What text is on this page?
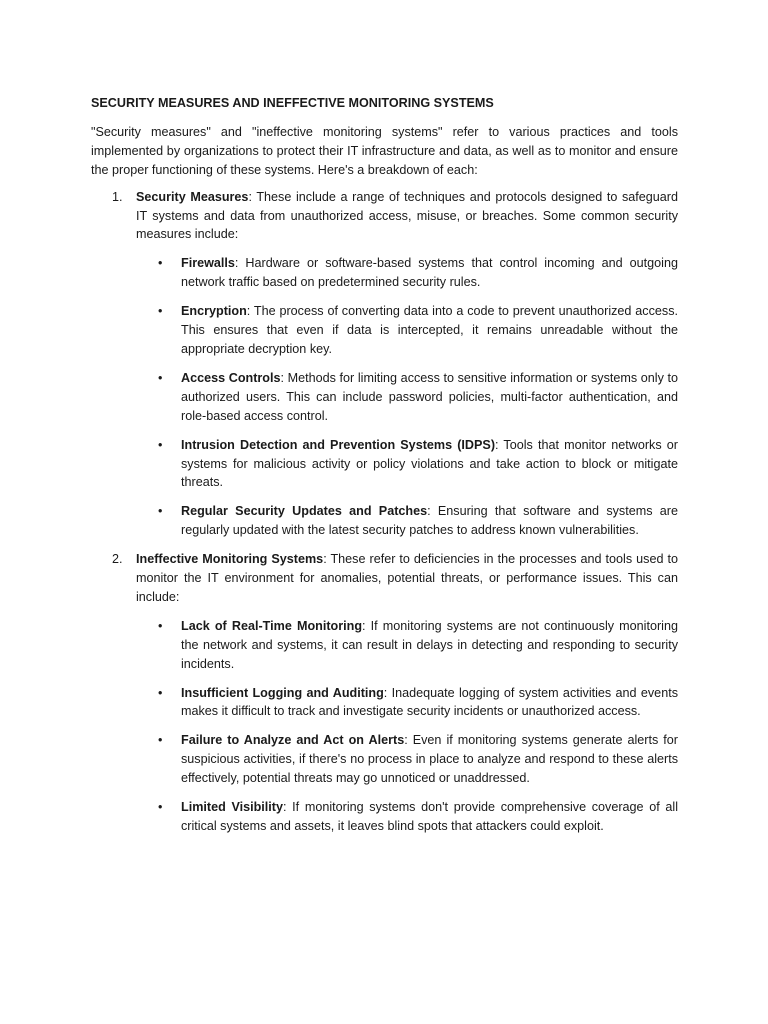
SECURITY MEASURES AND INEFFECTIVE MONITORING SYSTEMS

"Security measures" and "ineffective monitoring systems" refer to various practices and tools implemented by organizations to protect their IT infrastructure and data, as well as to monitor and ensure the proper functioning of these systems. Here's a breakdown of each:

1. Security Measures: These include a range of techniques and protocols designed to safeguard IT systems and data from unauthorized access, misuse, or breaches. Some common security measures include:

• Firewalls: Hardware or software-based systems that control incoming and outgoing network traffic based on predetermined security rules.
• Encryption: The process of converting data into a code to prevent unauthorized access. This ensures that even if data is intercepted, it remains unreadable without the appropriate decryption key.
• Access Controls: Methods for limiting access to sensitive information or systems only to authorized users. This can include password policies, multi-factor authentication, and role-based access control.
• Intrusion Detection and Prevention Systems (IDPS): Tools that monitor networks or systems for malicious activity or policy violations and take action to block or mitigate threats.
• Regular Security Updates and Patches: Ensuring that software and systems are regularly updated with the latest security patches to address known vulnerabilities.
2. Ineffective Monitoring Systems: These refer to deficiencies in the processes and tools used to monitor the IT environment for anomalies, potential threats, or performance issues. This can include:

• Lack of Real-Time Monitoring: If monitoring systems are not continuously monitoring the network and systems, it can result in delays in detecting and responding to security incidents.
• Insufficient Logging and Auditing: Inadequate logging of system activities and events makes it difficult to track and investigate security incidents or unauthorized access.
• Failure to Analyze and Act on Alerts: Even if monitoring systems generate alerts for suspicious activities, if there's no process in place to analyze and respond to these alerts effectively, potential threats may go unnoticed or unaddressed.
• Limited Visibility: If monitoring systems don't provide comprehensive coverage of all critical systems and assets, it leaves blind spots that attackers could exploit.
